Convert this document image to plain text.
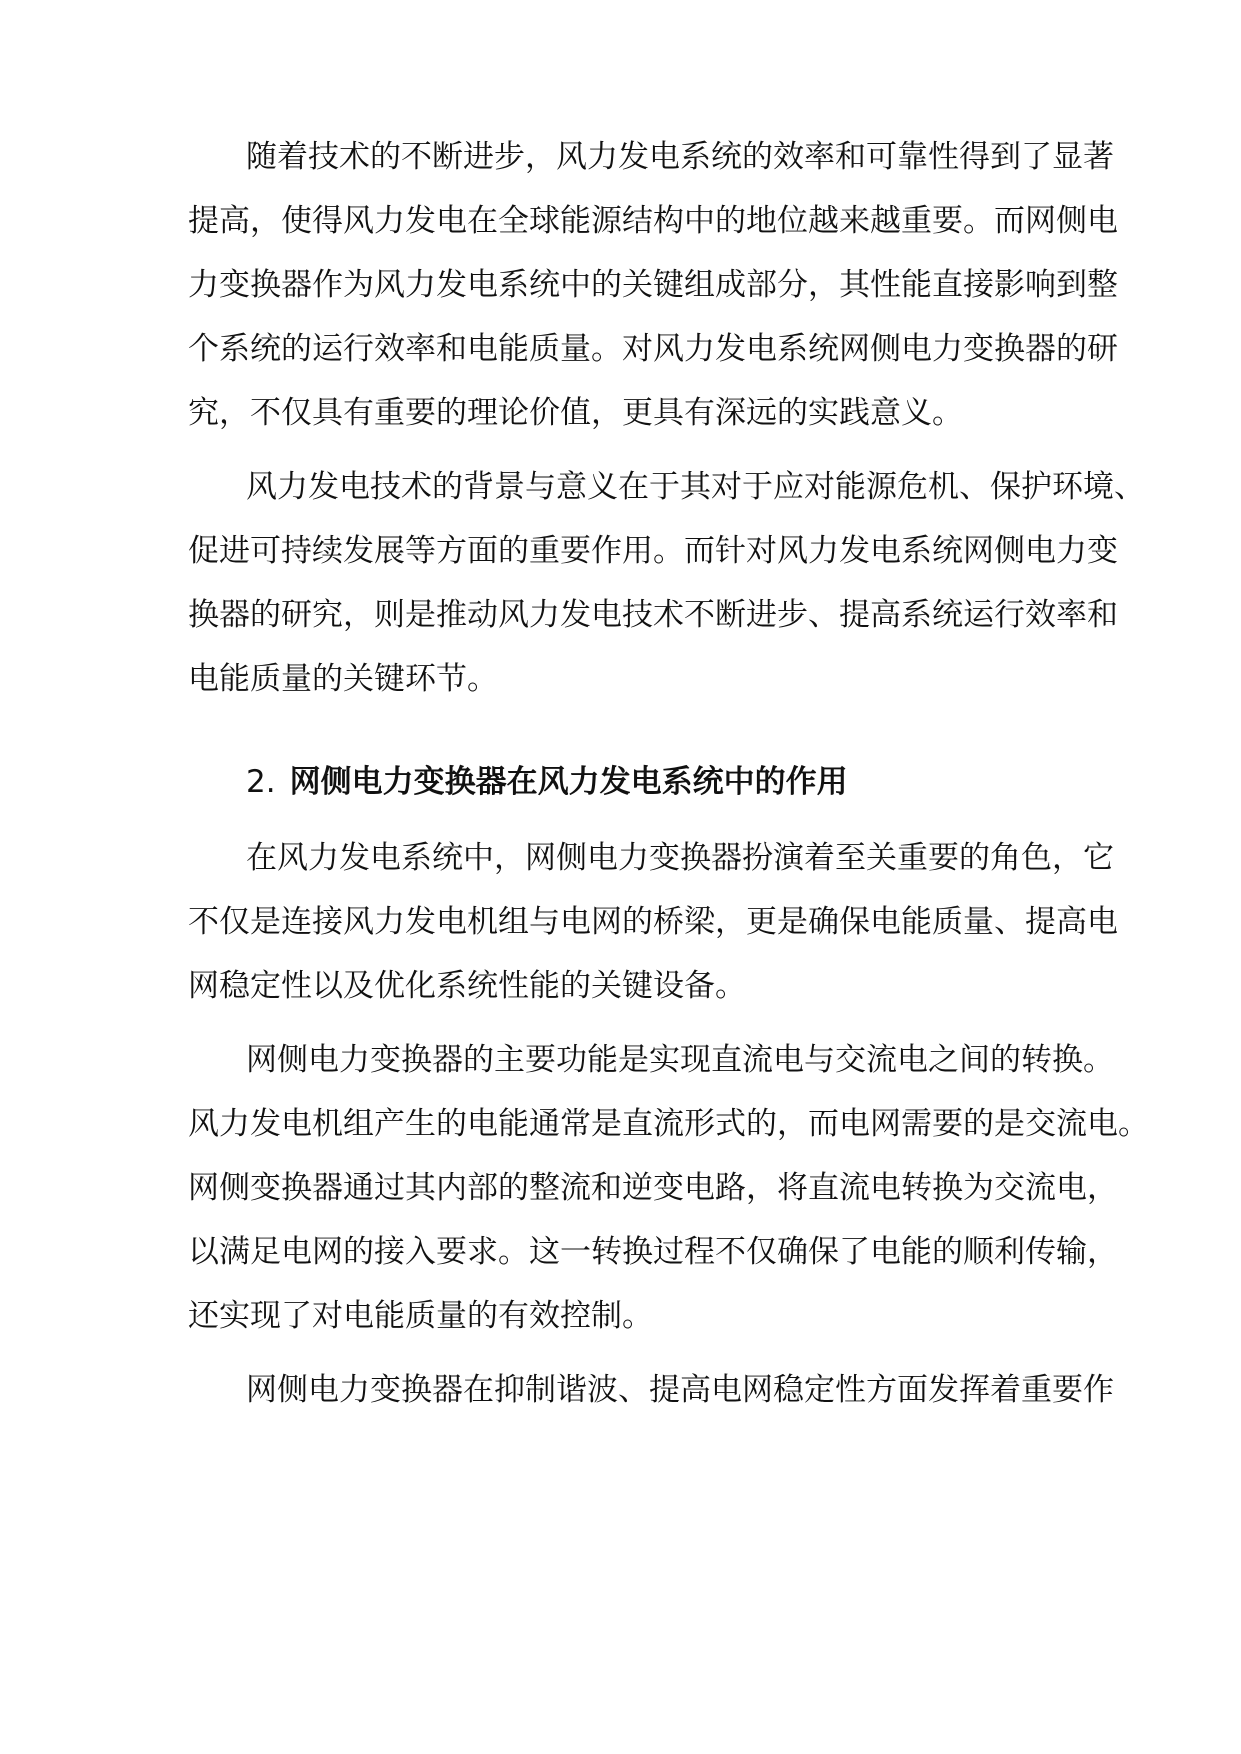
随着技术的不断进步，风力发电系统的效率和可靠性得到了显著
提高，使得风力发电在全球能源结构中的地位越来越重要。而网侧电
力变换器作为风力发电系统中的关键组成部分，其性能直接影响到整
个系统的运行效率和电能质量。对风力发电系统网侧电力变换器的研
究，不仅具有重要的理论价值，更具有深远的实践意义。
风力发电技术的背景与意义在于其对于应对能源危机、保护环境、
促进可持续发展等方面的重要作用。而针对风力发电系统网侧电力变
换器的研究，则是推动风力发电技术不断进步、提高系统运行效率和
电能质量的关键环节。
2. 网侧电力变换器在风力发电系统中的作用
在风力发电系统中，网侧电力变换器扮演着至关重要的角色，它
不仅是连接风力发电机组与电网的桥梁，更是确保电能质量、提高电
网稳定性以及优化系统性能的关键设备。
网侧电力变换器的主要功能是实现直流电与交流电之间的转换。
风力发电机组产生的电能通常是直流形式的，而电网需要的是交流电。
网侧变换器通过其内部的整流和逆变电路，将直流电转换为交流电，
以满足电网的接入要求。这一转换过程不仅确保了电能的顺利传输，
还实现了对电能质量的有效控制。
网侧电力变换器在抑制谐波、提高电网稳定性方面发挥着重要作
